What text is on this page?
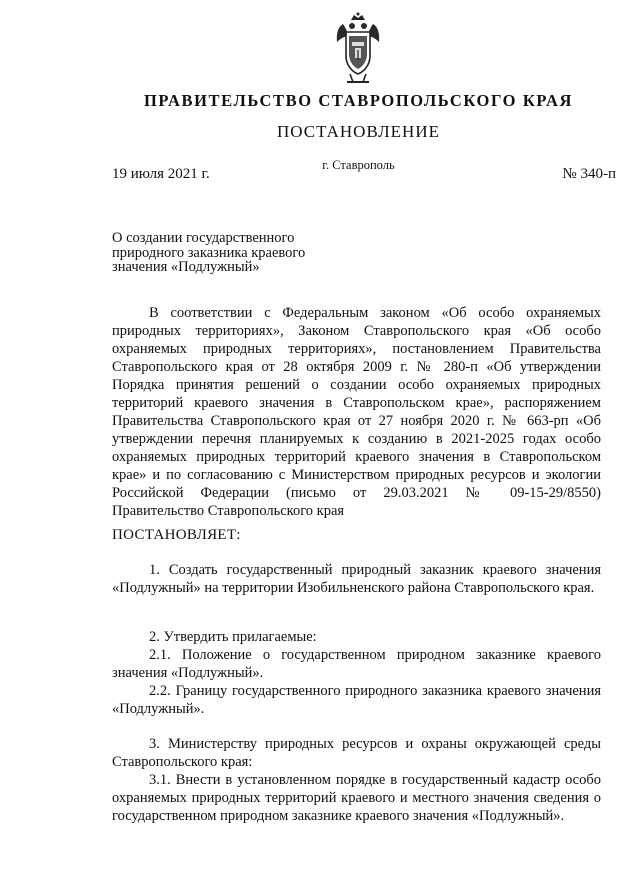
ПРАВИТЕЛЬСТВО СТАВРОПОЛЬСКОГО КРАЯ
ПОСТАНОВЛЕНИЕ
19 июля 2021 г.
г. Ставрополь
№ 340-п
О создании государственного
природного заказника краевого
значения «Подлужный»

В соответствии с Федеральным законом «Об особо охраняемых природных территориях», Законом Ставропольского края «Об особо охраняемых природных территориях», постановлением Правительства Ставропольского края от 28 октября 2009 г. № 280-п «Об утверждении Порядка принятия решений о создании особо охраняемых природных территорий краевого значения в Ставропольском крае», распоряжением Правительства Ставропольского края от 27 ноября 2020 г. № 663-рп «Об утверждении перечня планируемых к созданию в 2021-2025 годах особо охраняемых природных территорий краевого значения в Ставропольском крае» и по согласованию с Министерством природных ресурсов и экологии Российской Федерации (письмо от 29.03.2021 № 09-15-29/8550) Правительство Ставропольского края

ПОСТАНОВЛЯЕТ:

1. Создать государственный природный заказник краевого значения «Подлужный» на территории Изобильненского района Ставропольского края.

2. Утвердить прилагаемые:

2.1. Положение о государственном природном заказнике краевого значения «Подлужный».

2.2. Границу государственного природного заказника краевого значения «Подлужный».

3. Министерству природных ресурсов и охраны окружающей среды Ставропольского края:

3.1. Внести в установленном порядке в государственный кадастр особо охраняемых природных территорий краевого и местного значения сведения о государственном природном заказнике краевого значения «Подлужный».
